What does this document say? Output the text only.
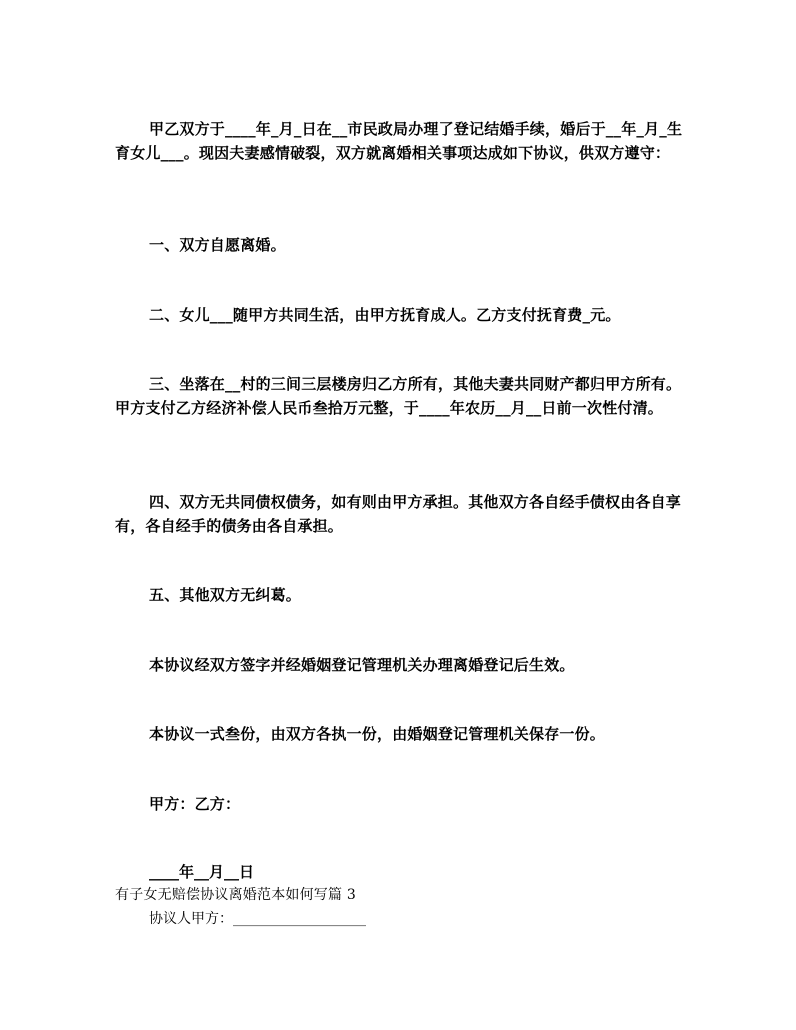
甲乙双方于____年_月_日在__市民政局办理了登记结婚手续，婚后于__年_月_生育女儿___。现因夫妻感情破裂，双方就离婚相关事项达成如下协议，供双方遵守：

一、双方自愿离婚。

二、女儿___随甲方共同生活，由甲方抚育成人。乙方支付抚育费_元。

三、坐落在__村的三间三层楼房归乙方所有，其他夫妻共同财产都归甲方所有。甲方支付乙方经济补偿人民币叁拾万元整，于____年农历__月__日前一次性付清。

四、双方无共同债权债务，如有则由甲方承担。其他双方各自经手债权由各自享有，各自经手的债务由各自承担。

五、其他双方无纠葛。

本协议经双方签字并经婚姻登记管理机关办理离婚登记后生效。

本协议一式叁份，由双方各执一份，由婚姻登记管理机关保存一份。

甲方：乙方：

____年__月__日

有子女无赔偿协议离婚范本如何写篇 3

协议人甲方：___________________
